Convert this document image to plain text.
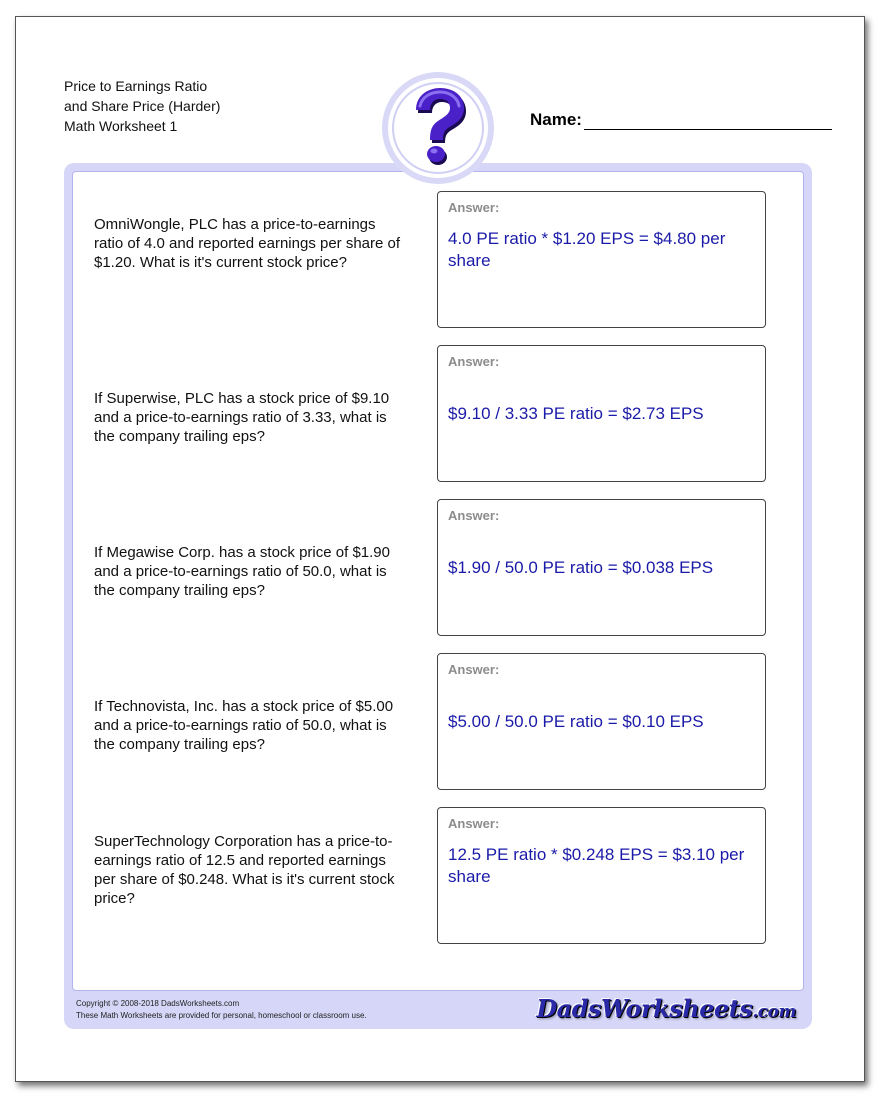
Price to Earnings Ratio
and Share Price (Harder)
Math Worksheet 1	Name:
OmniWongle, PLC has a price-to-earnings ratio of 4.0 and reported earnings per share of $1.20. What is it's current stock price?
Answer:
4.0 PE ratio * $1.20 EPS = $4.80 per share
If Superwise, PLC has a stock price of $9.10 and a price-to-earnings ratio of 3.33, what is the company trailing eps?
Answer:
$9.10 / 3.33 PE ratio = $2.73 EPS
If Megawise Corp. has a stock price of $1.90 and a price-to-earnings ratio of 50.0, what is the company trailing eps?
Answer:
$1.90 / 50.0 PE ratio = $0.038 EPS
If Technovista, Inc. has a stock price of $5.00 and a price-to-earnings ratio of 50.0, what is the company trailing eps?
Answer:
$5.00 / 50.0 PE ratio = $0.10 EPS
SuperTechnology Corporation has a price-to-earnings ratio of 12.5 and reported earnings per share of $0.248. What is it's current stock price?
Answer:
12.5 PE ratio * $0.248 EPS = $3.10 per share
Copyright © 2008-2018 DadsWorksheets.com
These Math Worksheets are provided for personal, homeschool or classroom use.	DadsWorksheets.com
